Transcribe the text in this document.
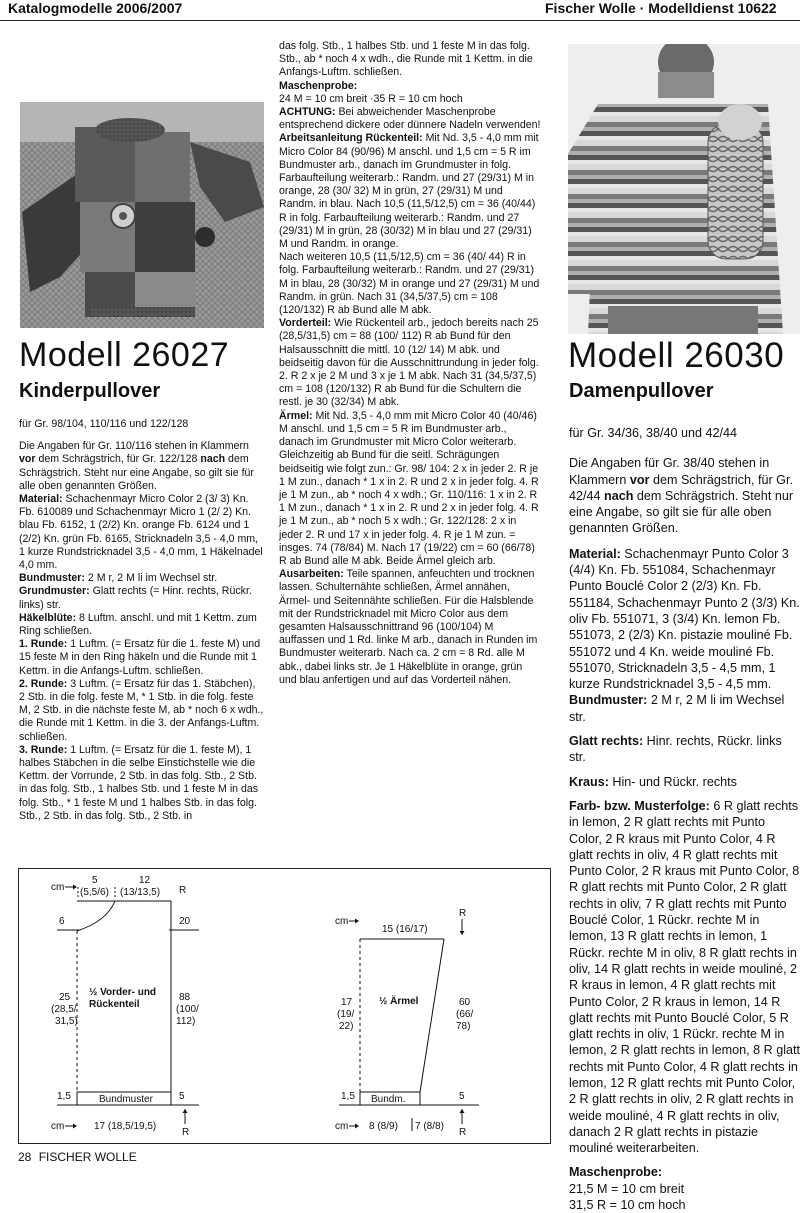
Katalogmodelle 2006/2007	Fischer Wolle · Modelldienst 10622
Modell 26027
Kinderpullover

für Gr. 98/104, 110/116 und 122/128

Die Angaben für Gr. 110/116 stehen in Klammern vor dem Schrägstrich, für Gr. 122/128 nach dem Schrägstrich. Steht nur eine Angabe, so gilt sie für alle oben genannten Größen.

Material: Schachenmayr Micro Color 2 (3/ 3) Kn. Fb. 610089 und Schachenmayr Micro 1 (2/ 2) Kn. blau Fb. 6152, 1 (2/2) Kn. orange Fb. 6124 und 1 (2/2) Kn. grün Fb. 6165, Stricknadeln 3,5 - 4,0 mm, 1 kurze Rundstricknadel 3,5 - 4,0 mm, 1 Häkelnadel 4,0 mm.

Bundmuster: 2 M r, 2 M li im Wechsel str.

Grundmuster: Glatt rechts (= Hinr. rechts, Rückr. links) str.

Häkelblüte: 8 Luftm. anschl. und mit 1 Kettm. zum Ring schließen.

1. Runde: 1 Luftm. (= Ersatz für die 1. feste M) und 15 feste M in den Ring häkeln und die Runde mit 1 Kettm. in die Anfangs-Luftm. schließen.

2. Runde: 3 Luftm. (= Ersatz für das 1. Stäbchen), 2 Stb. in die folg. feste M, * 1 Stb. in die folg. feste M, 2 Stb. in die nächste feste M, ab * noch 6 x wdh., die Runde mit 1 Kettm. in die 3. der Anfangs-Luftm. schließen.

3. Runde: 1 Luftm. (= Ersatz für die 1. feste M), 1 halbes Stäbchen in die selbe Einstichstelle wie die Kettm. der Vorrunde, 2 Stb. in das folg. Stb., 2 Stb. in das folg. Stb., 1 halbes Stb. und 1 feste M in das folg. Stb., * 1 feste M und 1 halbes Stb. in das folg. Stb., 2 Stb. in das folg. Stb., 2 Stb. in

das folg. Stb., 1 halbes Stb. und 1 feste M in das folg. Stb., ab * noch 4 x wdh., die Runde mit 1 Kettm. in die Anfangs-Luftm. schließen.

Maschenprobe:

24 M = 10 cm breit ·35 R = 10 cm hoch

ACHTUNG: Bei abweichender Maschenprobe entsprechend dickere oder dünnere Nadeln verwenden!

Arbeitsanleitung Rückenteil: Mit Nd. 3,5 - 4,0 mm mit Micro Color 84 (90/96) M anschl. und 1,5 cm = 5 R im Bundmuster arb., danach im Grundmuster in folg. Farbaufteilung weiterarb.: Randm. und 27 (29/31) M in orange, 28 (30/ 32) M in grün, 27 (29/31) M und Randm. in blau. Nach 10,5 (11,5/12,5) cm = 36 (40/44) R in folg. Farbaufteilung weiterarb.: Randm. und 27 (29/31) M in grün, 28 (30/32) M in blau und 27 (29/31) M und Randm. in orange.

Nach weiteren 10,5 (11,5/12,5) cm = 36 (40/ 44) R in folg. Farbaufteilung weiterarb.: Randm. und 27 (29/31) M in blau, 28 (30/32) M in orange und 27 (29/31) M und Randm. in grün. Nach 31 (34,5/37,5) cm = 108 (120/132) R ab Bund alle M abk.

Vorderteil: Wie Rückenteil arb., jedoch bereits nach 25 (28,5/31,5) cm = 88 (100/ 112) R ab Bund für den Halsausschnitt die mittl. 10 (12/ 14) M abk. und beidseitig davon für die Ausschnittrundung in jeder folg. 2. R 2 x je 2 M und 3 x je 1 M abk. Nach 31 (34,5/37,5) cm = 108 (120/132) R ab Bund für die Schultern die restl. je 30 (32/34) M abk.

Ärmel: Mit Nd. 3,5 - 4,0 mm mit Micro Color 40 (40/46) M anschl. und 1,5 cm = 5 R im Bundmuster arb., danach im Grundmuster mit Micro Color weiterarb. Gleichzeitig ab Bund für die seitl. Schrägungen beidseitig wie folgt zun.: Gr. 98/ 104: 2 x in jeder 2. R je 1 M zun., danach * 1 x in 2. R und 2 x in jeder folg. 4. R je 1 M zun., ab * noch 4 x wdh.; Gr. 110/116: 1 x in 2. R 1 M zun., danach * 1 x in 2. R und 2 x in jeder folg. 4. R je 1 M zun., ab * noch 5 x wdh.; Gr. 122/128: 2 x in jeder 2. R und 17 x in jeder folg. 4. R je 1 M zun. = insges. 74 (78/84) M. Nach 17 (19/22) cm = 60 (66/78) R ab Bund alle M abk. Beide Ärmel gleich arb.

Ausarbeiten: Teile spannen, anfeuchten und trocknen lassen. Schulternähte schließen, Ärmel annähen, Ärmel- und Seitennähte schließen. Für die Halsblende mit der Rundstricknadel mit Micro Color aus dem gesamten Halsausschnittrand 96 (100/104) M auffassen und 1 Rd. linke M arb., danach in Runden im Bundmuster weiterarb. Nach ca. 2 cm = 8 Rd. alle M abk., dabei links str. Je 1 Häkelblüte in orange, grün und blau anfertigen und auf das Vorderteil nähen.

Modell 26030
Damenpullover

für Gr. 34/36, 38/40 und 42/44

Die Angaben für Gr. 38/40 stehen in Klammern vor dem Schrägstrich, für Gr. 42/44 nach dem Schrägstrich. Steht nur eine Angabe, so gilt sie für alle oben genannten Größen.

Material: Schachenmayr Punto Color 3 (4/4) Kn. Fb. 551084, Schachenmayr Punto Bouclé Color 2 (2/3) Kn. Fb. 551184, Schachenmayr Punto 2 (3/3) Kn. oliv Fb. 551071, 3 (3/4) Kn. lemon Fb. 551073, 2 (2/3) Kn. pistazie mouliné Fb. 551072 und 4 Kn. weide mouliné Fb. 551070, Stricknadeln 3,5 - 4,5 mm, 1 kurze Rundstricknadel 3,5 - 4,5 mm.

Bundmuster: 2 M r, 2 M li im Wechsel str.

Glatt rechts: Hinr. rechts, Rückr. links str.

Kraus: Hin- und Rückr. rechts

Farb- bzw. Musterfolge: 6 R glatt rechts in lemon, 2 R glatt rechts mit Punto Color, 2 R kraus mit Punto Color, 4 R glatt rechts in oliv, 4 R glatt rechts mit Punto Color, 2 R kraus mit Punto Color, 8 R glatt rechts mit Punto Color, 2 R glatt rechts in oliv, 7 R glatt rechts mit Punto Bouclé Color, 1 Rückr. rechte M in lemon, 13 R glatt rechts in lemon, 1 Rückr. rechte M in oliv, 8 R glatt rechts in oliv, 14 R glatt rechts in weide mouliné, 2 R kraus in lemon, 4 R glatt rechts mit Punto Color, 2 R kraus in lemon, 14 R glatt rechts mit Punto Bouclé Color, 5 R glatt rechts in oliv, 1 Rückr. rechte M in lemon, 2 R glatt rechts in lemon, 8 R glatt rechts mit Punto Color, 4 R glatt rechts in lemon, 12 R glatt rechts mit Punto Color, 2 R glatt rechts in oliv, 2 R glatt rechts in weide mouliné, 4 R glatt rechts in oliv, danach 2 R glatt rechts in pistazie mouliné weiterarbeiten.

Maschenprobe:

21,5 M = 10 cm breit

31,5 R = 10 cm hoch

cm
5
(5,5/6)
12
(13/13,5) R
6	20
25
(28,5/
31,5)
88
(100/
112)
½ Vorder- und
Rückenteil
Bundmuster
1,5	5
cm	17 (18,5/19,5)
R
cm
R
15 (16/17)
17
(19/
22)
½ Ärmel	60
(66/
78)
Bundm.
1,5	5
cm 8 (8/9) 7 (8/8)
R
28 FISCHER WOLLE
